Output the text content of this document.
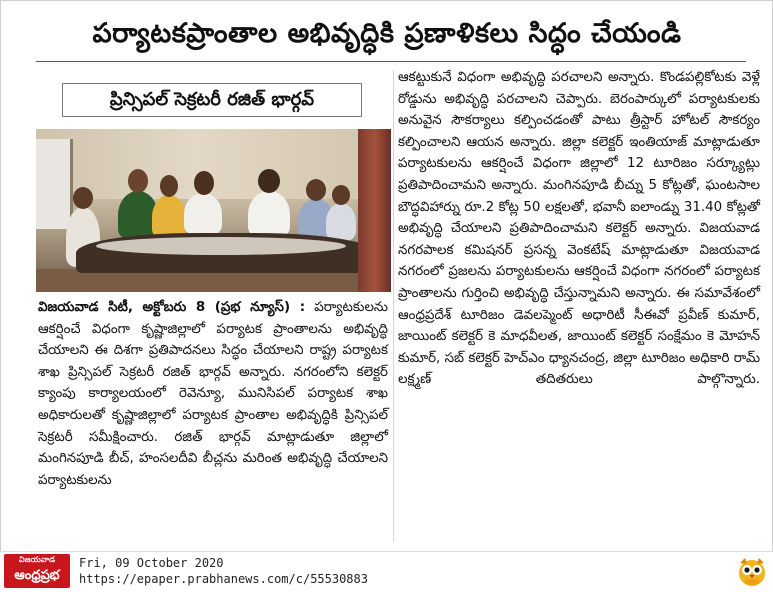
పర్యాటకప్రాంతాల అభివృద్ధికి ప్రణాళికలు సిద్ధం చేయండి
ప్రిన్సిపల్ సెక్రటరీ రజిత్ భార్గవ్

విజయవాడ సిటీ, అక్టోబరు 8 (ప్రభ న్యూస్) : పర్యాటకులను ఆకర్షించే విధంగా కృష్ణాజిల్లాలో పర్యాటక ప్రాంతాలను అభివృద్ధి చేయాలని ఈ దిశగా ప్రతిపాదనలు సిద్ధం చేయాలని రాష్ట్ర పర్యాటక శాఖ ప్రిన్సిపల్ సెక్రటరీ రజిత్ భార్గవ్ అన్నారు. నగరంలోని కలెక్టర్ క్యాంపు కార్యాలయంలో రెవెన్యూ, మునిసిపల్ పర్యాటక శాఖ అధికారులతో కృష్ణాజిల్లాలో పర్యాటక ప్రాంతాల అభివృద్ధికి ప్రిన్సిపల్ సెక్రటరీ సమీక్షించారు. రజిత్ భార్గవ్ మాట్లాడుతూ జిల్లాలో మంగినపూడి బీచ్, హంసలదీవి బీచ్లను మరింత అభివృద్ధి చేయాలని పర్యాటకులను

ఆకట్టుకునే విధంగా అభివృద్ధి పరచాలని అన్నారు. కొండపల్లికోటకు వెళ్లే రోడ్డును అభివృద్ధి పరచాలని చెప్పారు. బెరంపార్కులో పర్యాటకులకు అనువైన సౌకర్యాలు కల్పించడంతో పాటు త్రీస్టార్ హోటల్ సౌకర్యం కల్పించాలని ఆయన అన్నారు. జిల్లా కలెక్టర్ ఇంతియాజ్ మాట్లాడుతూ పర్యాటకులను ఆకర్షించే విధంగా జిల్లాలో 12 టూరిజం సర్క్యూట్లు ప్రతిపాదించామని అన్నారు. మంగినపూడి బీచ్ను 5 కోట్లతో, ఘంటసాల బౌద్ధవిహార్ను రూ.2 కోట్ల 50 లక్షలతో, భవానీ ఐలాండ్ను 31.40 కోట్లతో అభివృద్ధి చేయాలని ప్రతిపాదించామని కలెక్టర్ అన్నారు. విజయవాడ నగరపాలక కమిషనర్ ప్రసన్న వెంకటేష్ మాట్లాడుతూ విజయవాడ నగరంలో ప్రజలను పర్యాటకులను ఆకర్షించే విధంగా నగరంలో పర్యాటక ప్రాంతాలను గుర్తించి అభివృద్ధి చేస్తున్నామని అన్నారు. ఈ సమావేశంలో ఆంధ్రప్రదేశ్ టూరిజం డెవలప్మెంట్ అధారిటీ సీఈవో ప్రవీణ్ కుమార్, జాయింట్ కలెక్టర్ కె మాధవీలత, జాయింట్ కలెక్టర్ సంక్షేమం కె మోహన్ కుమార్, సబ్ కలెక్టర్ హెచ్ఎం ధ్యానచంద్ర, జిల్లా టూరిజం అధికారి రామ్ లక్ష్మణ్ తదితరులు పాల్గొన్నారు.

విజయవాడ
ఆంధ్రప్రభ
Fri, 09 October 2020
https://epaper.prabhanews.com/c/55530883
